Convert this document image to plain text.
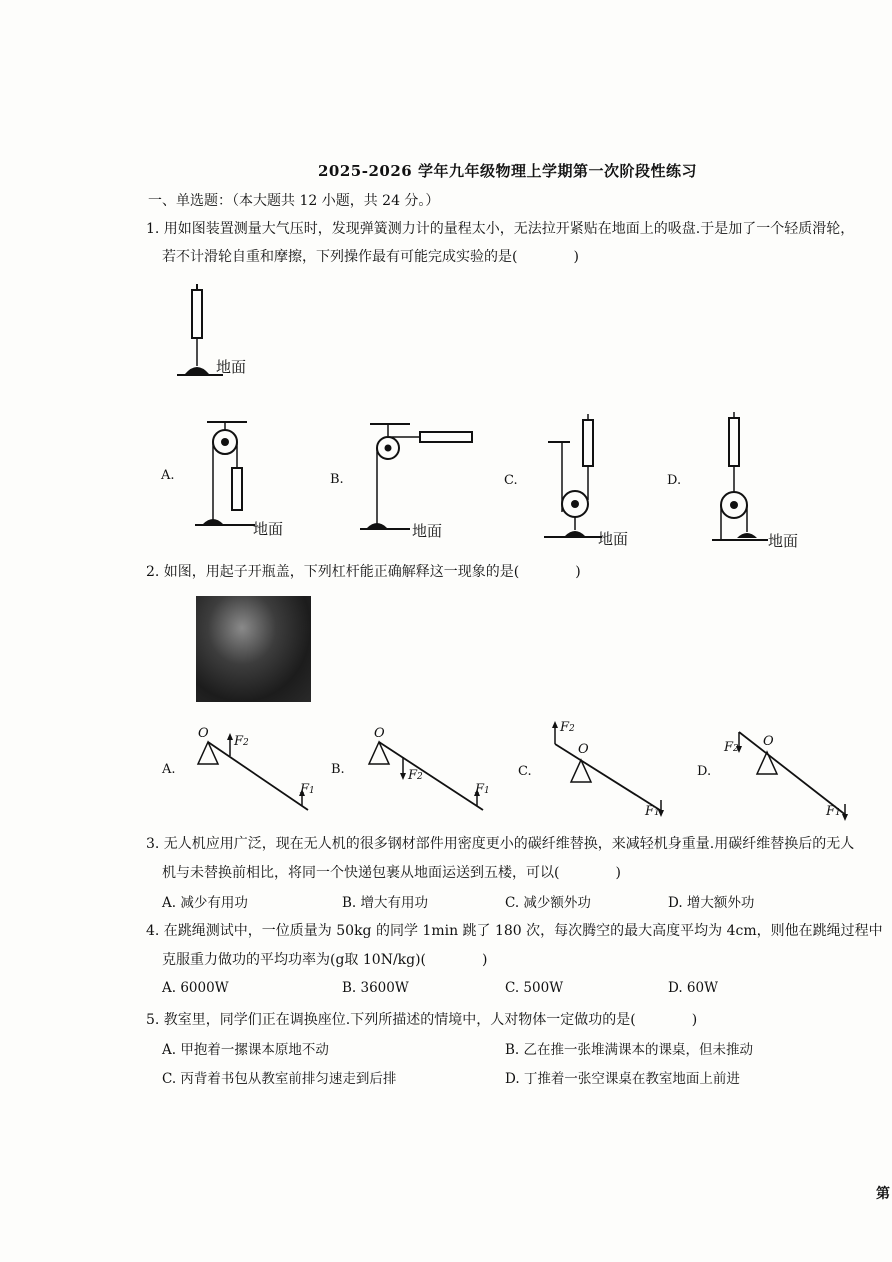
2025-2026 学年九年级物理上学期第一次阶段性练习
一、单选题：（本大题共 12 小题，共 24 分。）
1. 用如图装置测量大气压时，发现弹簧测力计的量程太小，无法拉开紧贴在地面上的吸盘.于是加了一个轻质滑轮，
若不计滑轮自重和摩擦，下列操作最有可能完成实验的是(　　　　)
地面
A.
地面
B.
地面
C.
地面
D.
地面
2. 如图，用起子开瓶盖，下列杠杆能正确解释这一现象的是(　　　　)
A.
O
F2
F1
B.
O
F2
F1
C.
O
F2
F1
D.
O
F2
F1
3. 无人机应用广泛，现在无人机的很多钢材部件用密度更小的碳纤维替换，来减轻机身重量.用碳纤维替换后的无人
机与未替换前相比，将同一个快递包裹从地面运送到五楼，可以(　　　　)
A. 减少有用功	B. 增大有用功	C. 减少额外功	D. 增大额外功
4. 在跳绳测试中，一位质量为 50kg 的同学 1min 跳了 180 次，每次腾空的最大高度平均为 4cm，则他在跳绳过程中
克服重力做功的平均功率为(g取 10N/kg)(　　　　)
A. 6000W	B. 3600W	C. 500W	D. 60W
5. 教室里，同学们正在调换座位.下列所描述的情境中，人对物体一定做功的是(　　　　)
A. 甲抱着一摞课本原地不动	B. 乙在推一张堆满课本的课桌，但未推动
C. 丙背着书包从教室前排匀速走到后排	D. 丁推着一张空课桌在教室地面上前进
第
